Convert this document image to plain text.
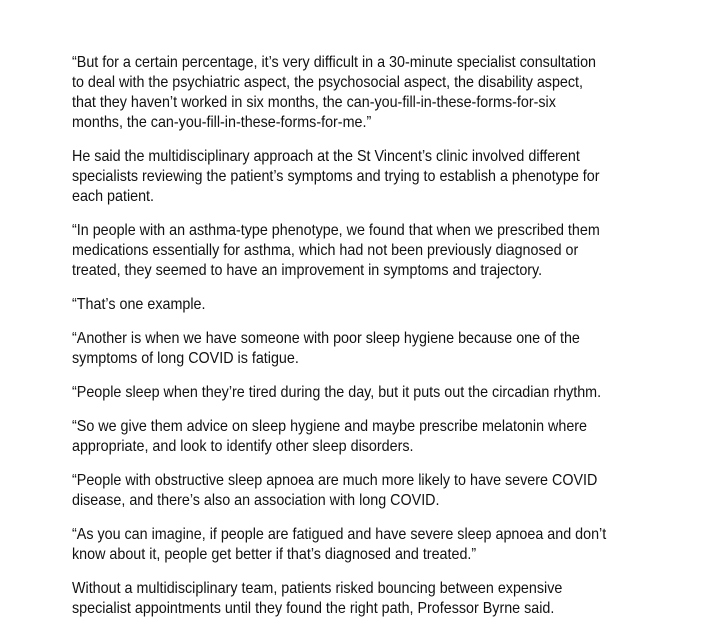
“But for a certain percentage, it’s very difficult in a 30-minute specialist consultation
to deal with the psychiatric aspect, the psychosocial aspect, the disability aspect,
that they haven’t worked in six months, the can-you-fill-in-these-forms-for-six
months, the can-you-fill-in-these-forms-for-me.”
He said the multidisciplinary approach at the St Vincent’s clinic involved different
specialists reviewing the patient’s symptoms and trying to establish a phenotype for
each patient.
“In people with an asthma-type phenotype, we found that when we prescribed them
medications essentially for asthma, which had not been previously diagnosed or
treated, they seemed to have an improvement in symptoms and trajectory.
“That’s one example.
“Another is when we have someone with poor sleep hygiene because one of the
symptoms of long COVID is fatigue.
“People sleep when they’re tired during the day, but it puts out the circadian rhythm.
“So we give them advice on sleep hygiene and maybe prescribe melatonin where
appropriate, and look to identify other sleep disorders.
“People with obstructive sleep apnoea are much more likely to have severe COVID
disease, and there’s also an association with long COVID.
“As you can imagine, if people are fatigued and have severe sleep apnoea and don’t
know about it, people get better if that’s diagnosed and treated.”
Without a multidisciplinary team, patients risked bouncing between expensive
specialist appointments until they found the right path, Professor Byrne said.
